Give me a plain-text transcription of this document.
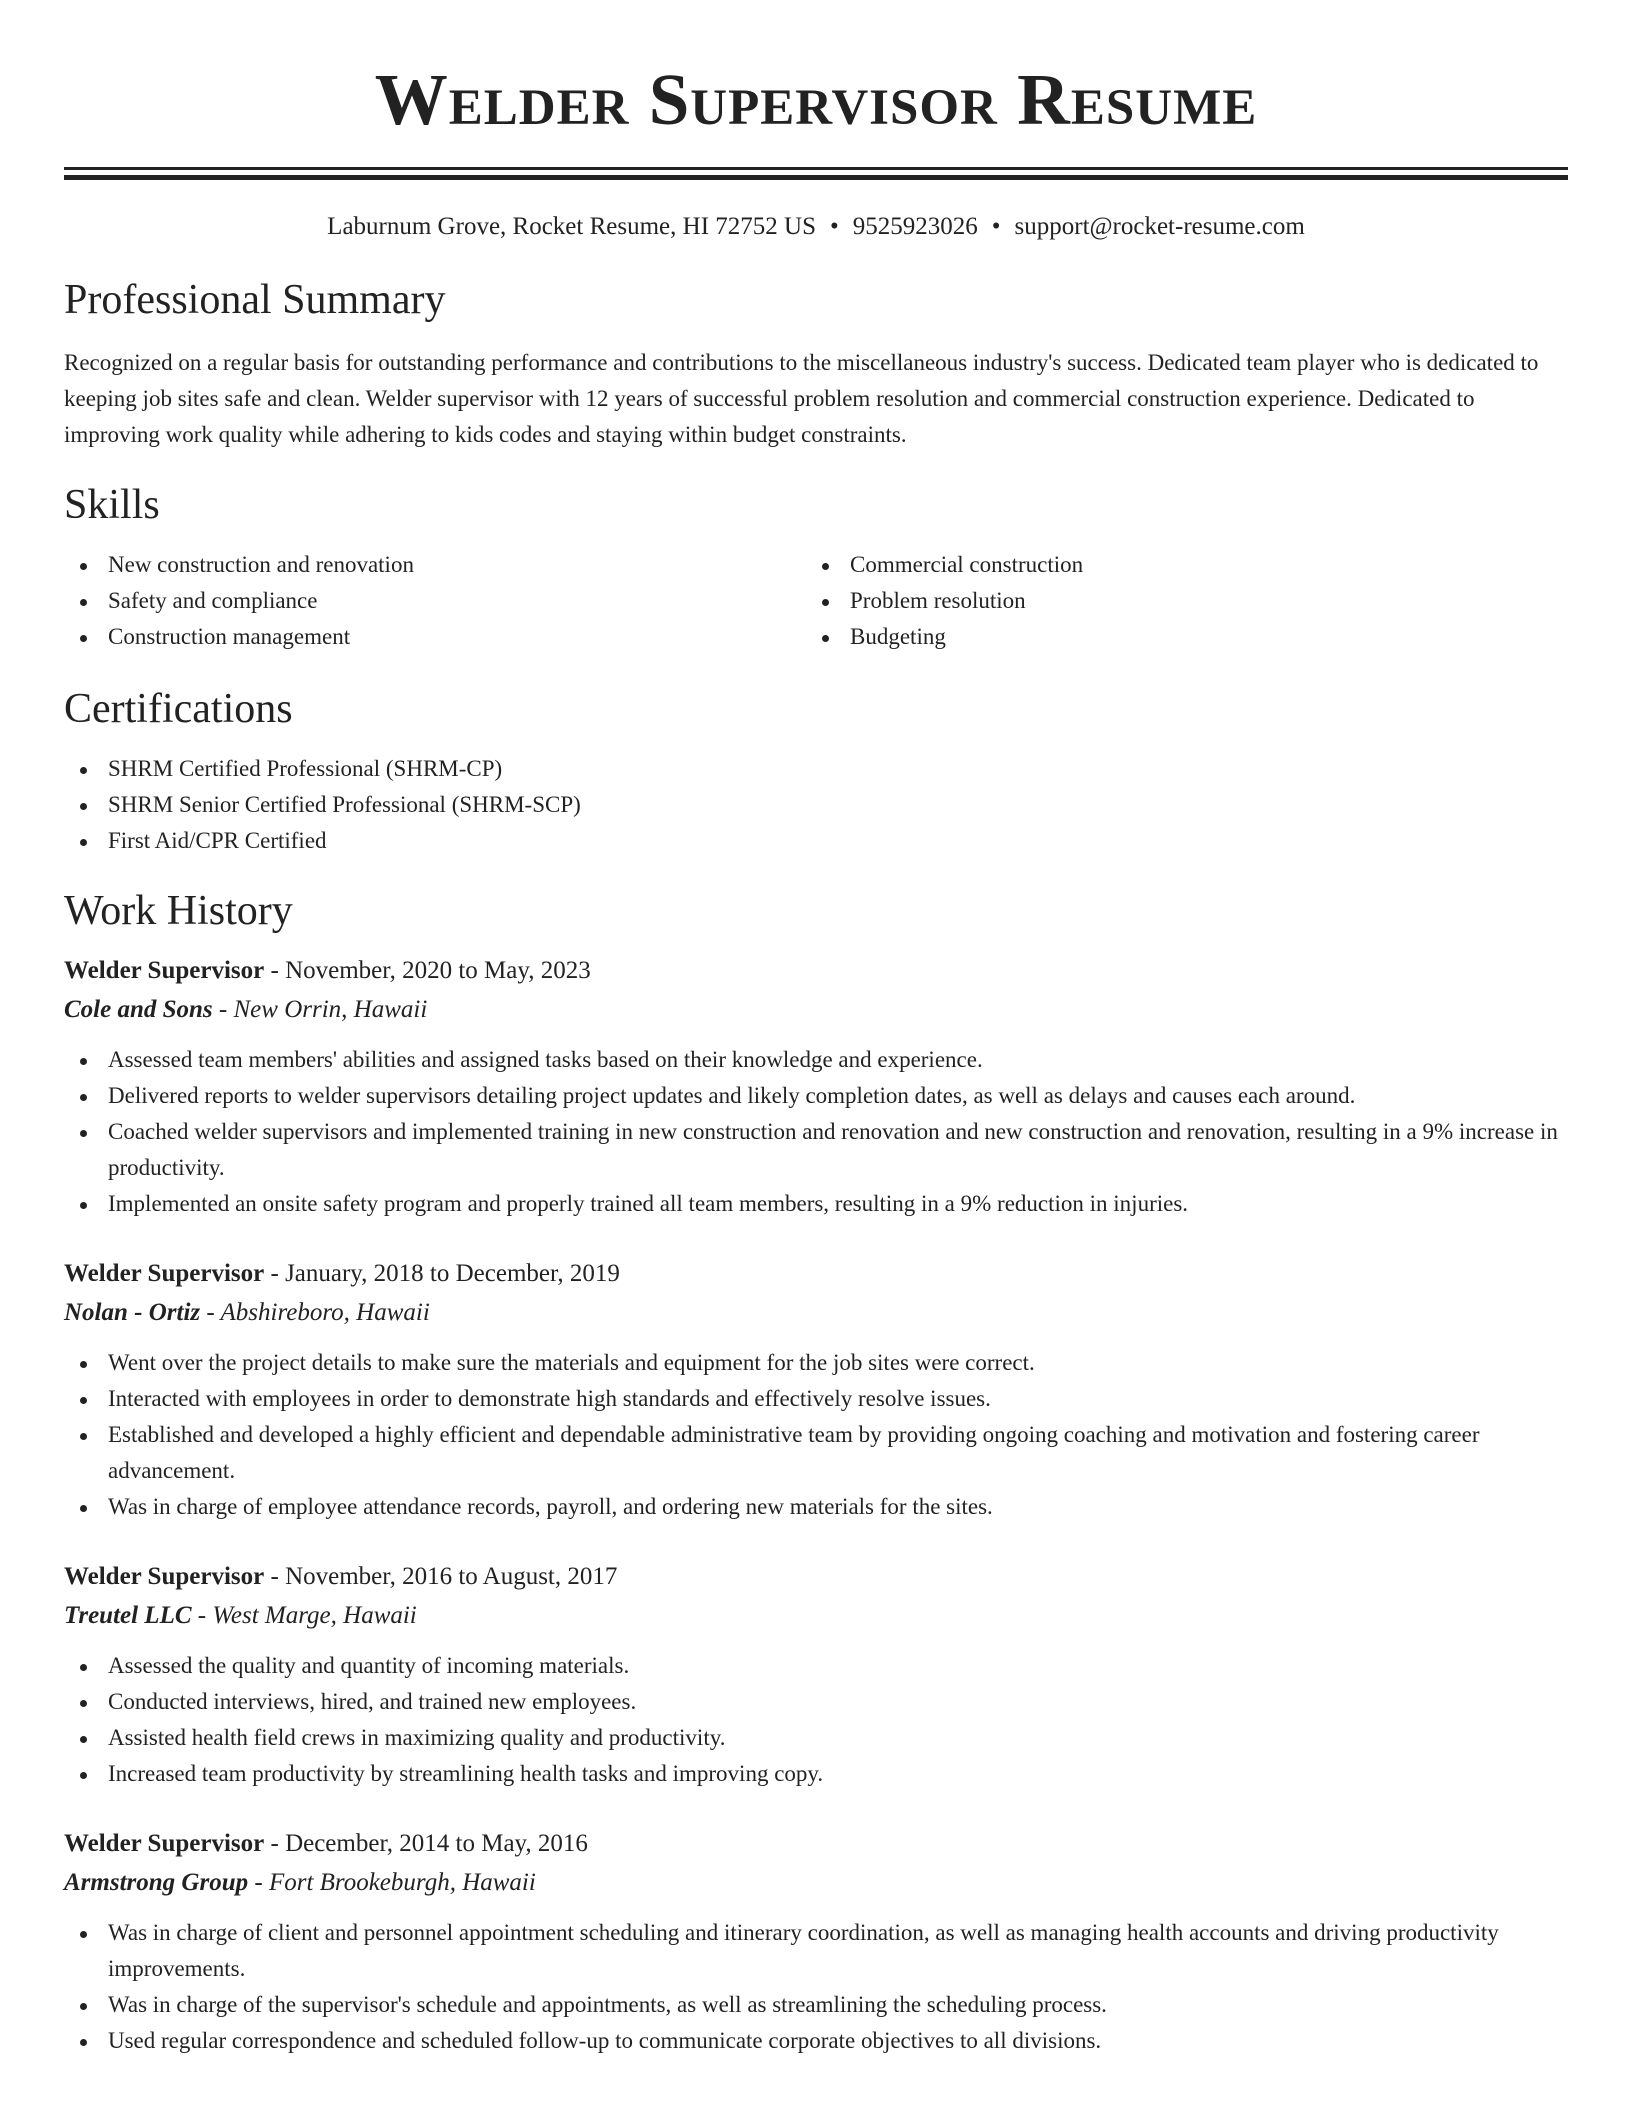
Welder Supervisor Resume
Laburnum Grove, Rocket Resume, HI 72752 US • 9525923026 • support@rocket-resume.com
Professional Summary

Recognized on a regular basis for outstanding performance and contributions to the miscellaneous industry's success. Dedicated team player who is dedicated to keeping job sites safe and clean. Welder supervisor with 12 years of successful problem resolution and commercial construction experience. Dedicated to improving work quality while adhering to kids codes and staying within budget constraints.

Skills
New construction and renovation
Safety and compliance
Construction management
Commercial construction
Problem resolution
Budgeting
Certifications
SHRM Certified Professional (SHRM-CP)
SHRM Senior Certified Professional (SHRM-SCP)
First Aid/CPR Certified
Work History
Welder Supervisor - November, 2020 to May, 2023
Cole and Sons - New Orrin, Hawaii
Assessed team members' abilities and assigned tasks based on their knowledge and experience.
Delivered reports to welder supervisors detailing project updates and likely completion dates, as well as delays and causes each around.
Coached welder supervisors and implemented training in new construction and renovation and new construction and renovation, resulting in a 9% increase in productivity.
Implemented an onsite safety program and properly trained all team members, resulting in a 9% reduction in injuries.
Welder Supervisor - January, 2018 to December, 2019
Nolan - Ortiz - Abshireboro, Hawaii
Went over the project details to make sure the materials and equipment for the job sites were correct.
Interacted with employees in order to demonstrate high standards and effectively resolve issues.
Established and developed a highly efficient and dependable administrative team by providing ongoing coaching and motivation and fostering career advancement.
Was in charge of employee attendance records, payroll, and ordering new materials for the sites.
Welder Supervisor - November, 2016 to August, 2017
Treutel LLC - West Marge, Hawaii
Assessed the quality and quantity of incoming materials.
Conducted interviews, hired, and trained new employees.
Assisted health field crews in maximizing quality and productivity.
Increased team productivity by streamlining health tasks and improving copy.
Welder Supervisor - December, 2014 to May, 2016
Armstrong Group - Fort Brookeburgh, Hawaii
Was in charge of client and personnel appointment scheduling and itinerary coordination, as well as managing health accounts and driving productivity improvements.
Was in charge of the supervisor's schedule and appointments, as well as streamlining the scheduling process.
Used regular correspondence and scheduled follow-up to communicate corporate objectives to all divisions.
